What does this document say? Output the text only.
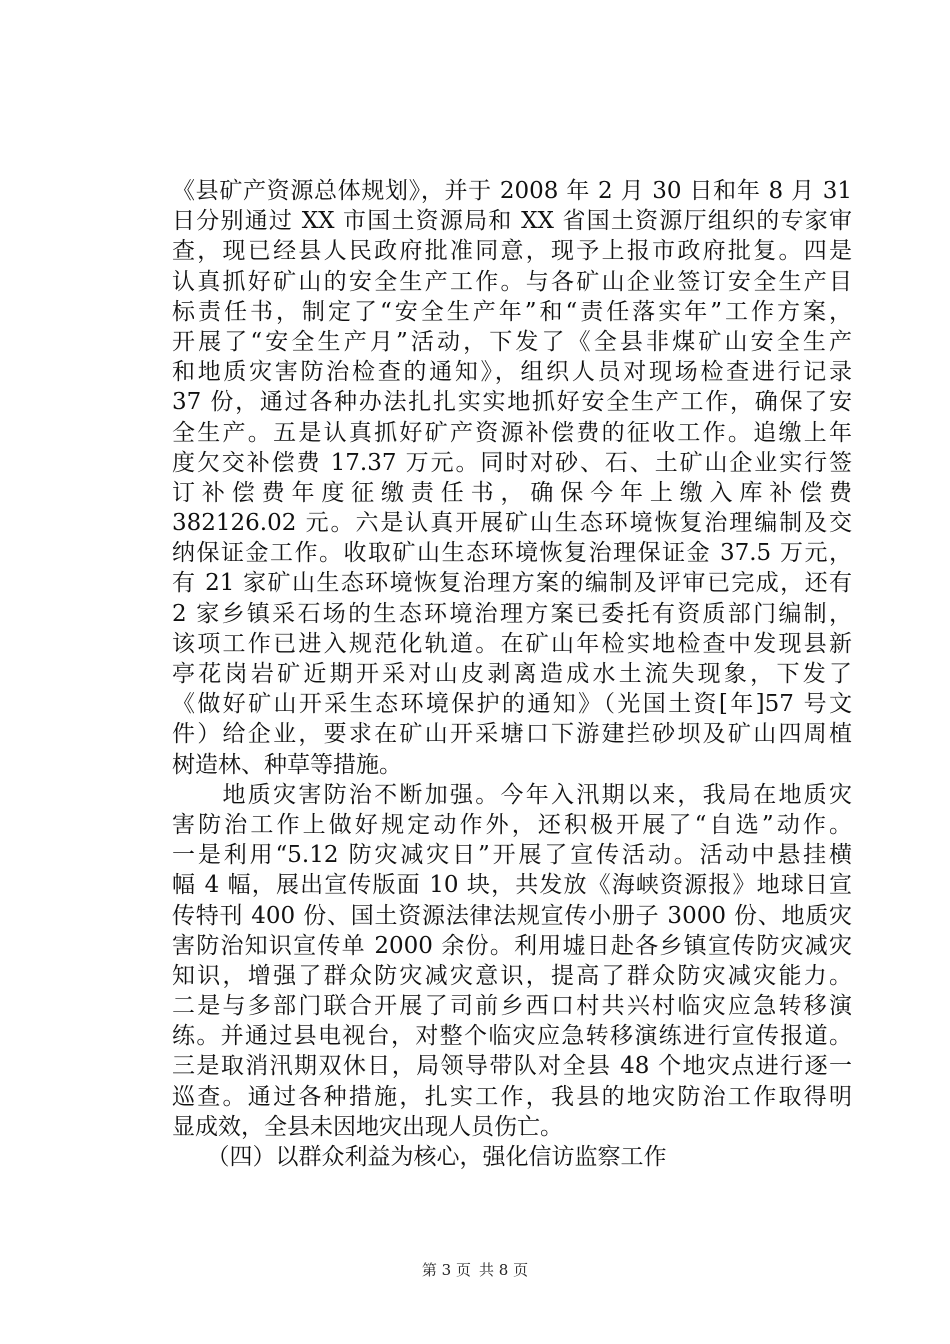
《县矿产资源总体规划》，并于 2008 年 2 月 30 日和年 8 月 31
日分别通过 XX 市国土资源局和 XX 省国土资源厅组织的专家审
查，现已经县人民政府批准同意，现予上报市政府批复。四是
认真抓好矿山的安全生产工作。与各矿山企业签订安全生产目
标责任书，制定了“安全生产年”和“责任落实年”工作方案，
开展了“安全生产月”活动，下发了《全县非煤矿山安全生产
和地质灾害防治检查的通知》，组织人员对现场检查进行记录
37 份，通过各种办法扎扎实实地抓好安全生产工作，确保了安
全生产。五是认真抓好矿产资源补偿费的征收工作。追缴上年
度欠交补偿费 17.37 万元。同时对砂、石、土矿山企业实行签
订补偿费年度征缴责任书，确保今年上缴入库补偿费
382126.02 元。六是认真开展矿山生态环境恢复治理编制及交
纳保证金工作。收取矿山生态环境恢复治理保证金 37.5 万元，
有 21 家矿山生态环境恢复治理方案的编制及评审已完成，还有
2 家乡镇采石场的生态环境治理方案已委托有资质部门编制，
该项工作已进入规范化轨道。在矿山年检实地检查中发现县新
亭花岗岩矿近期开采对山皮剥离造成水土流失现象，下发了
《做好矿山开采生态环境保护的通知》（光国土资[年]57 号文
件）给企业，要求在矿山开采塘口下游建拦砂坝及矿山四周植
树造林、种草等措施。
　　地质灾害防治不断加强。今年入汛期以来，我局在地质灾
害防治工作上做好规定动作外，还积极开展了“自选”动作。
一是利用“5.12 防灾减灾日”开展了宣传活动。活动中悬挂横
幅 4 幅，展出宣传版面 10 块，共发放《海峡资源报》地球日宣
传特刊 400 份、国土资源法律法规宣传小册子 3000 份、地质灾
害防治知识宣传单 2000 余份。利用墟日赴各乡镇宣传防灾减灾
知识，增强了群众防灾减灾意识，提高了群众防灾减灾能力。
二是与多部门联合开展了司前乡西口村共兴村临灾应急转移演
练。并通过县电视台，对整个临灾应急转移演练进行宣传报道。
三是取消汛期双休日，局领导带队对全县 48 个地灾点进行逐一
巡查。通过各种措施，扎实工作，我县的地灾防治工作取得明
显成效，全县未因地灾出现人员伤亡。
　　（四）以群众利益为核心，强化信访监察工作
第 3 页 共 8 页
